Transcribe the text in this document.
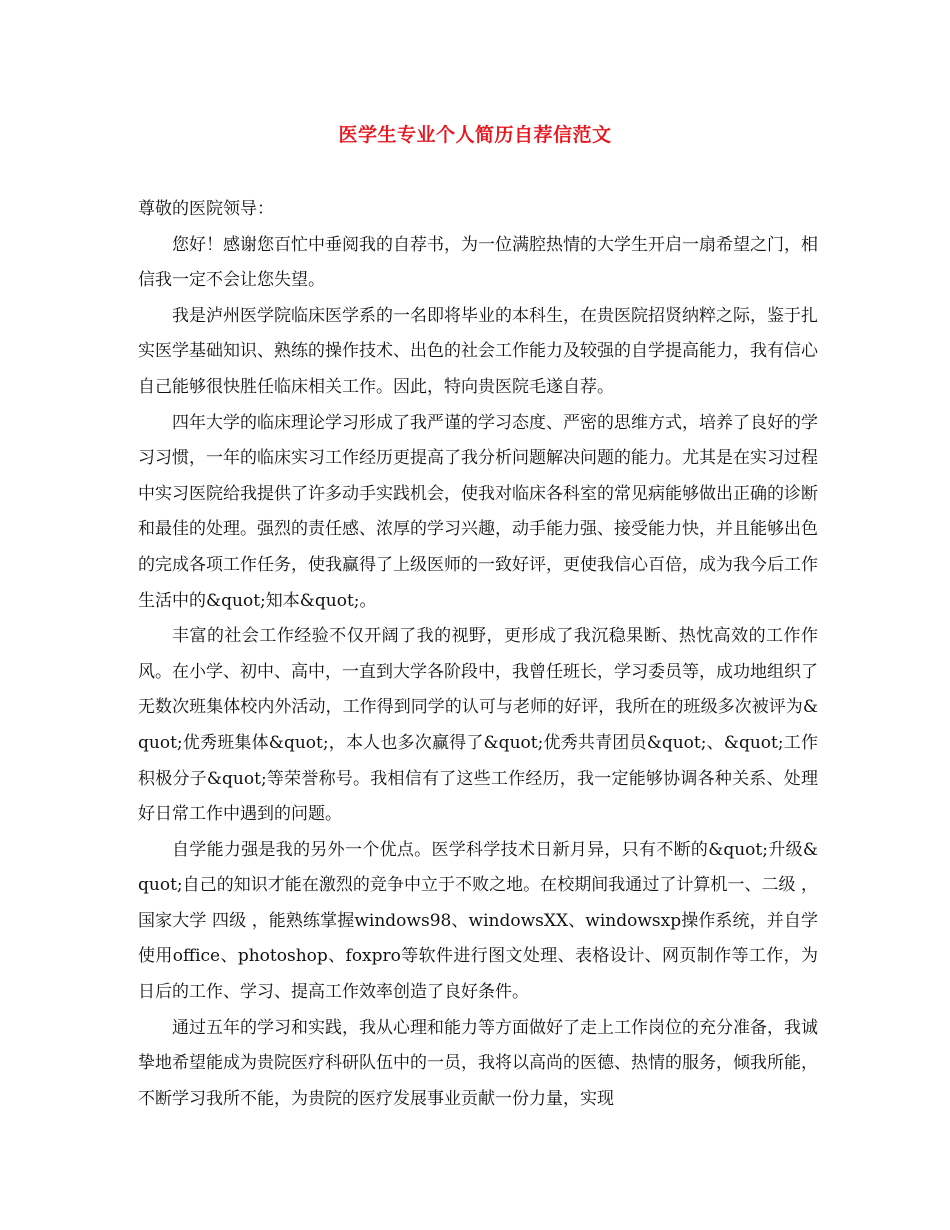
医学生专业个人简历自荐信范文

尊敬的医院领导：

您好！感谢您百忙中垂阅我的自荐书，为一位满腔热情的大学生开启一扇希望之门，相信我一定不会让您失望。

我是泸州医学院临床医学系的一名即将毕业的本科生，在贵医院招贤纳粹之际，鉴于扎实医学基础知识、熟练的操作技术、出色的社会工作能力及较强的自学提高能力，我有信心自己能够很快胜任临床相关工作。因此，特向贵医院毛遂自荐。

四年大学的临床理论学习形成了我严谨的学习态度、严密的思维方式，培养了良好的学习习惯，一年的临床实习工作经历更提高了我分析问题解决问题的能力。尤其是在实习过程中实习医院给我提供了许多动手实践机会，使我对临床各科室的常见病能够做出正确的诊断和最佳的处理。强烈的责任感、浓厚的学习兴趣，动手能力强、接受能力快，并且能够出色的完成各项工作任务，使我赢得了上级医师的一致好评，更使我信心百倍，成为我今后工作生活中的&quot;知本&quot;。

丰富的社会工作经验不仅开阔了我的视野，更形成了我沉稳果断、热忱高效的工作作风。在小学、初中、高中，一直到大学各阶段中，我曾任班长，学习委员等，成功地组织了无数次班集体校内外活动，工作得到同学的认可与老师的好评，我所在的班级多次被评为&quot;优秀班集体&quot;，本人也多次赢得了&quot;优秀共青团员&quot;、&quot;工作积极分子&quot;等荣誉称号。我相信有了这些工作经历，我一定能够协调各种关系、处理好日常工作中遇到的问题。

自学能力强是我的另外一个优点。医学科学技术日新月异，只有不断的&quot;升级&quot;自己的知识才能在激烈的竞争中立于不败之地。在校期间我通过了计算机一、二级 ，国家大学 四级 ，能熟练掌握windows98、windowsXX、windowsxp操作系统，并自学使用office、photoshop、foxpro等软件进行图文处理、表格设计、网页制作等工作，为日后的工作、学习、提高工作效率创造了良好条件。

通过五年的学习和实践，我从心理和能力等方面做好了走上工作岗位的充分准备，我诚挚地希望能成为贵院医疗科研队伍中的一员，我将以高尚的医德、热情的服务，倾我所能，不断学习我所不能，为贵院的医疗发展事业贡献一份力量，实现
